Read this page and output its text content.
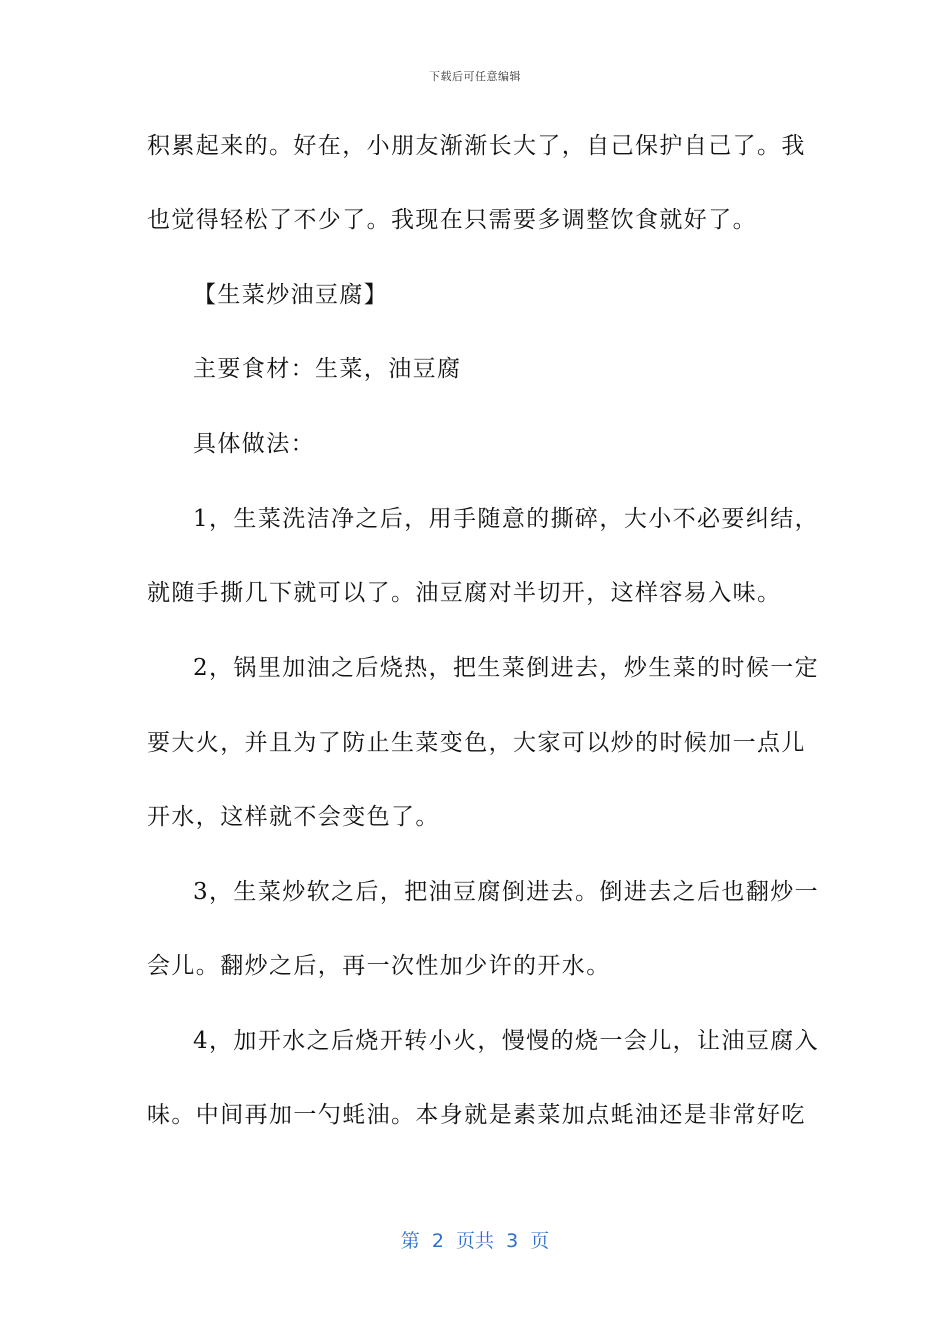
下载后可任意编辑
积累起来的。好在，小朋友渐渐长大了，自己保护自己了。我
也觉得轻松了不少了。我现在只需要多调整饮食就好了。
【生菜炒油豆腐】
主要食材：生菜，油豆腐
具体做法：
1，生菜洗洁净之后，用手随意的撕碎，大小不必要纠结，
就随手撕几下就可以了。油豆腐对半切开，这样容易入味。
2，锅里加油之后烧热，把生菜倒进去，炒生菜的时候一定
要大火，并且为了防止生菜变色，大家可以炒的时候加一点儿
开水，这样就不会变色了。
3，生菜炒软之后，把油豆腐倒进去。倒进去之后也翻炒一
会儿。翻炒之后，再一次性加少许的开水。
4，加开水之后烧开转小火，慢慢的烧一会儿，让油豆腐入
味。中间再加一勺蚝油。本身就是素菜加点蚝油还是非常好吃
第  2  页共  3  页
